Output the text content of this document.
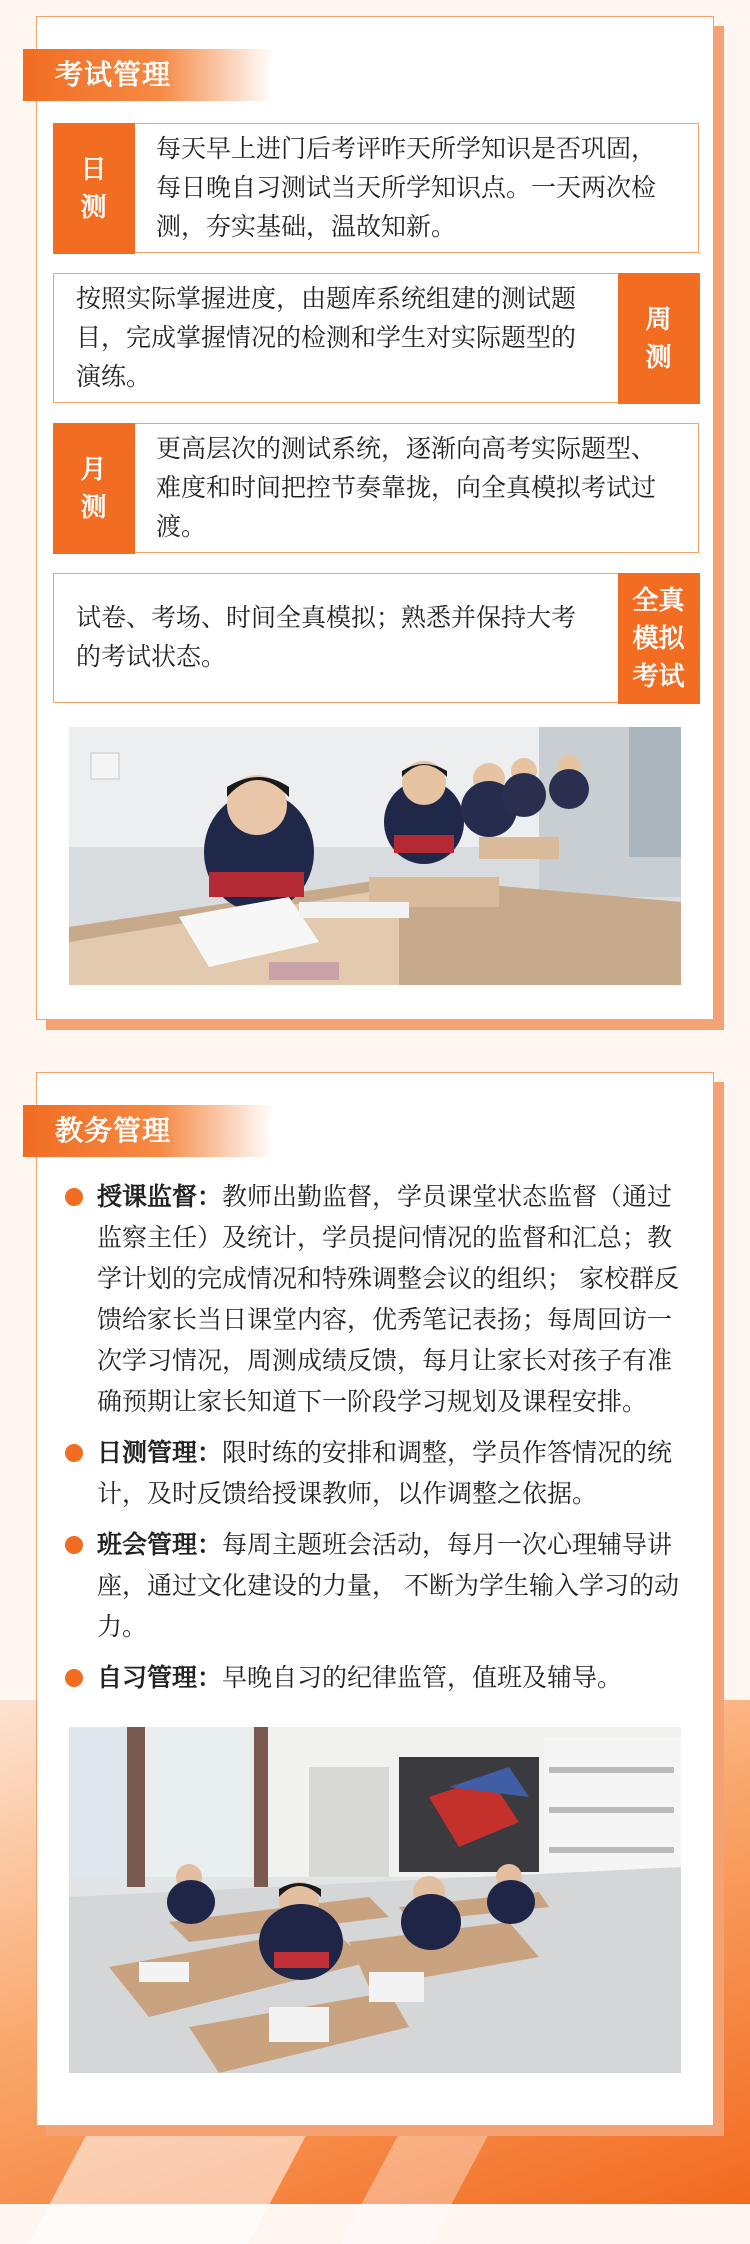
考试管理
日测
每天早上进门后考评昨天所学知识是否巩固，每日晚自习测试当天所学知识点。一天两次检测，夯实基础，温故知新。
按照实际掌握进度，由题库系统组建的测试题目，完成掌握情况的检测和学生对实际题型的演练。
周测
月测
更高层次的测试系统，逐渐向高考实际题型、难度和时间把控节奏靠拢，向全真模拟考试过渡。
试卷、考场、时间全真模拟；熟悉并保持大考的考试状态。
全真模拟考试
教务管理
授课监督：教师出勤监督，学员课堂状态监督（通过监察主任）及统计，学员提问情况的监督和汇总；教学计划的完成情况和特殊调整会议的组织； 家校群反馈给家长当日课堂内容，优秀笔记表扬；每周回访一次学习情况，周测成绩反馈，每月让家长对孩子有准确预期让家长知道下一阶段学习规划及课程安排。
日测管理：限时练的安排和调整，学员作答情况的统计，及时反馈给授课教师，以作调整之依据。
班会管理：每周主题班会活动，每月一次心理辅导讲座，通过文化建设的力量， 不断为学生输入学习的动力。
自习管理：早晚自习的纪律监管，值班及辅导。
